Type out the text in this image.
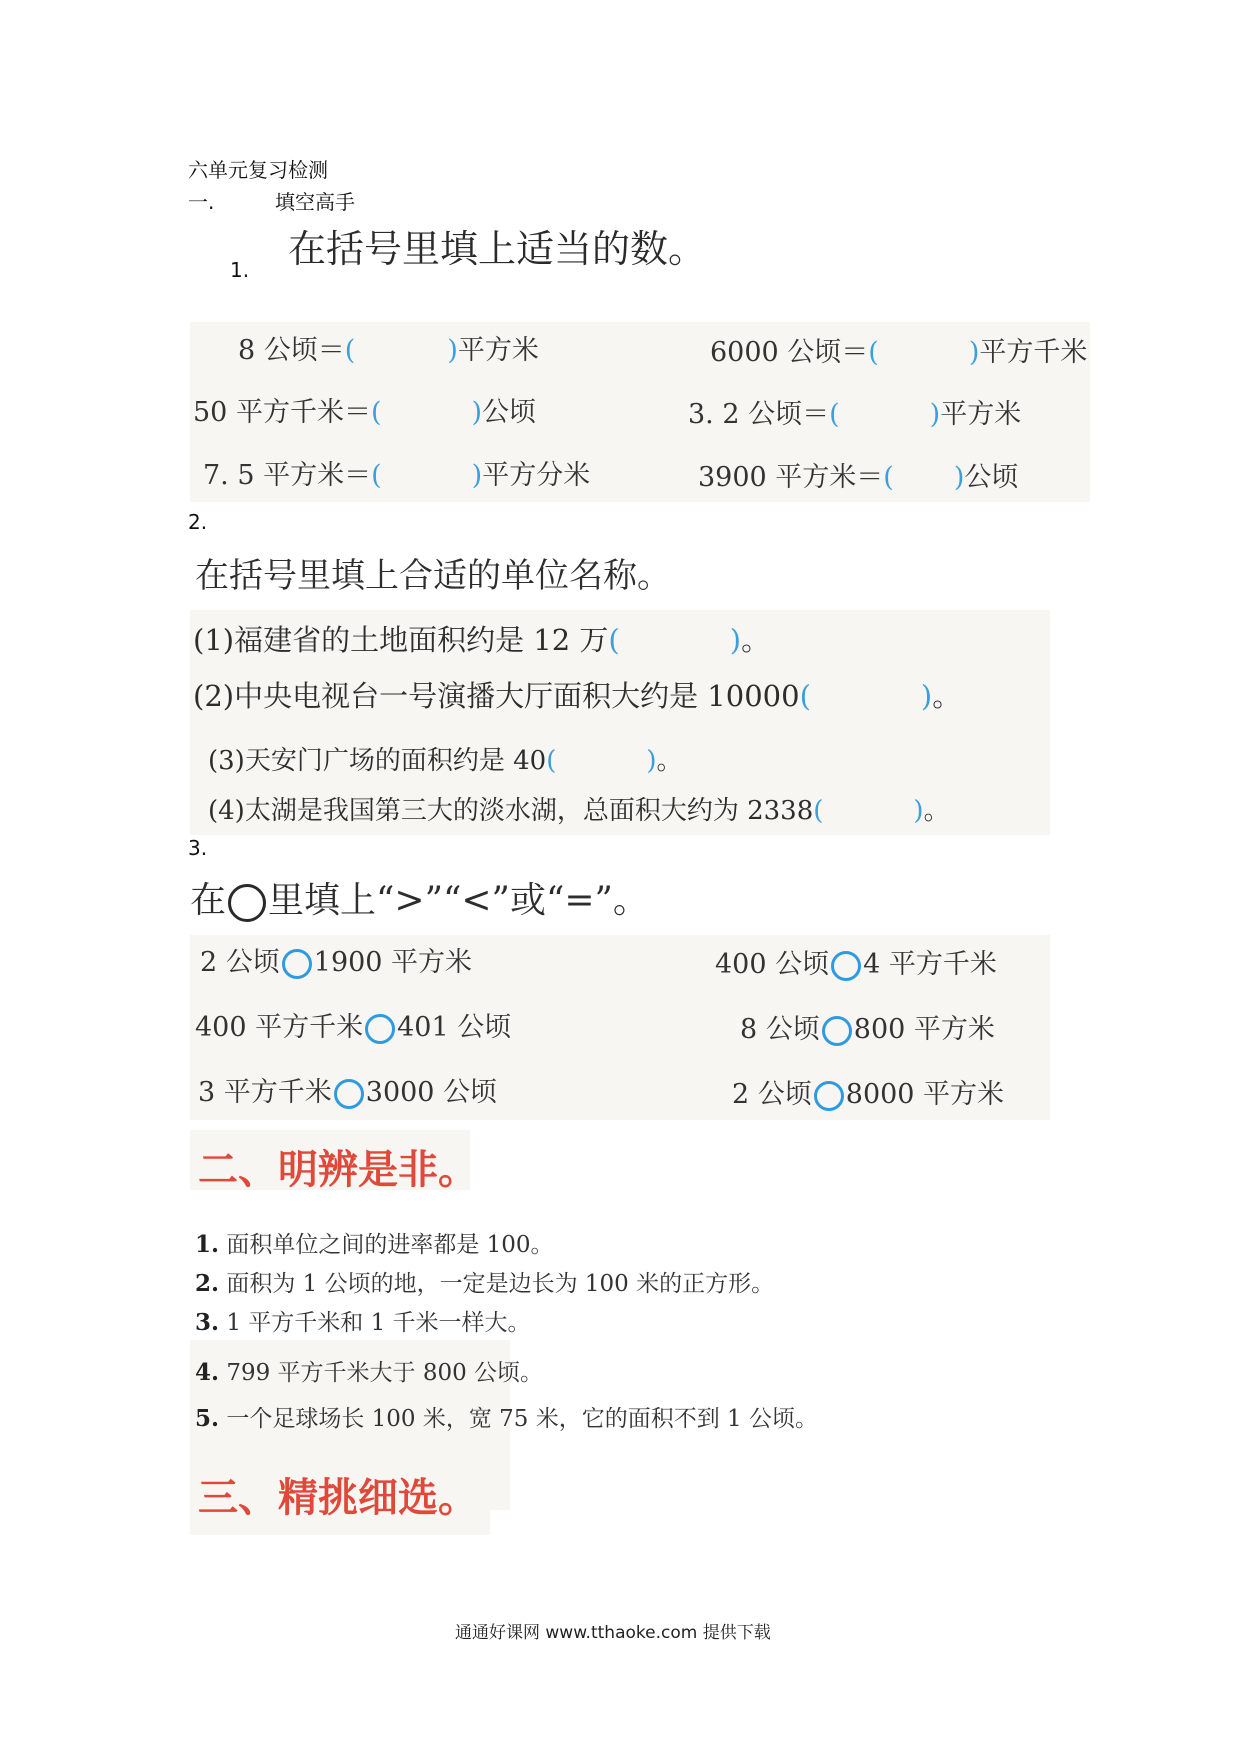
六单元复习检测
一.	填空高手
1. 在括号里填上适当的数。
8 公顷＝(	)平方米	6000 公顷＝(	)平方千米
50 平方千米＝(	)公顷	3. 2 公顷＝(	)平方米
7. 5 平方米＝(	)平方分米	3900 平方米＝( )公顷
2.
在括号里填上合适的单位名称。
(1)福建省的土地面积约是 12 万(	)。
(2)中央电视台一号演播大厅面积大约是 10000(	)。
(3)天安门广场的面积约是 40(	)。
(4)太湖是我国第三大的淡水湖，总面积大约为 2338(	)。
3.
在 里填上“>”“<”或“=”。
2 公顷 1900 平方米	400 公顷 4 平方千米
400 平方千米 401 公顷	8 公顷 800 平方米
3 平方千米 3000 公顷	2 公顷 8000 平方米
二、明辨是非。
1. 面积单位之间的进率都是 100。
2. 面积为 1 公顷的地，一定是边长为 100 米的正方形。
3. 1 平方千米和 1 千米一样大。
4. 799 平方千米大于 800 公顷。
5. 一个足球场长 100 米，宽 75 米，它的面积不到 1 公顷。
三、精挑细选。
通通好课网 www.tthaoke.com 提供下载
